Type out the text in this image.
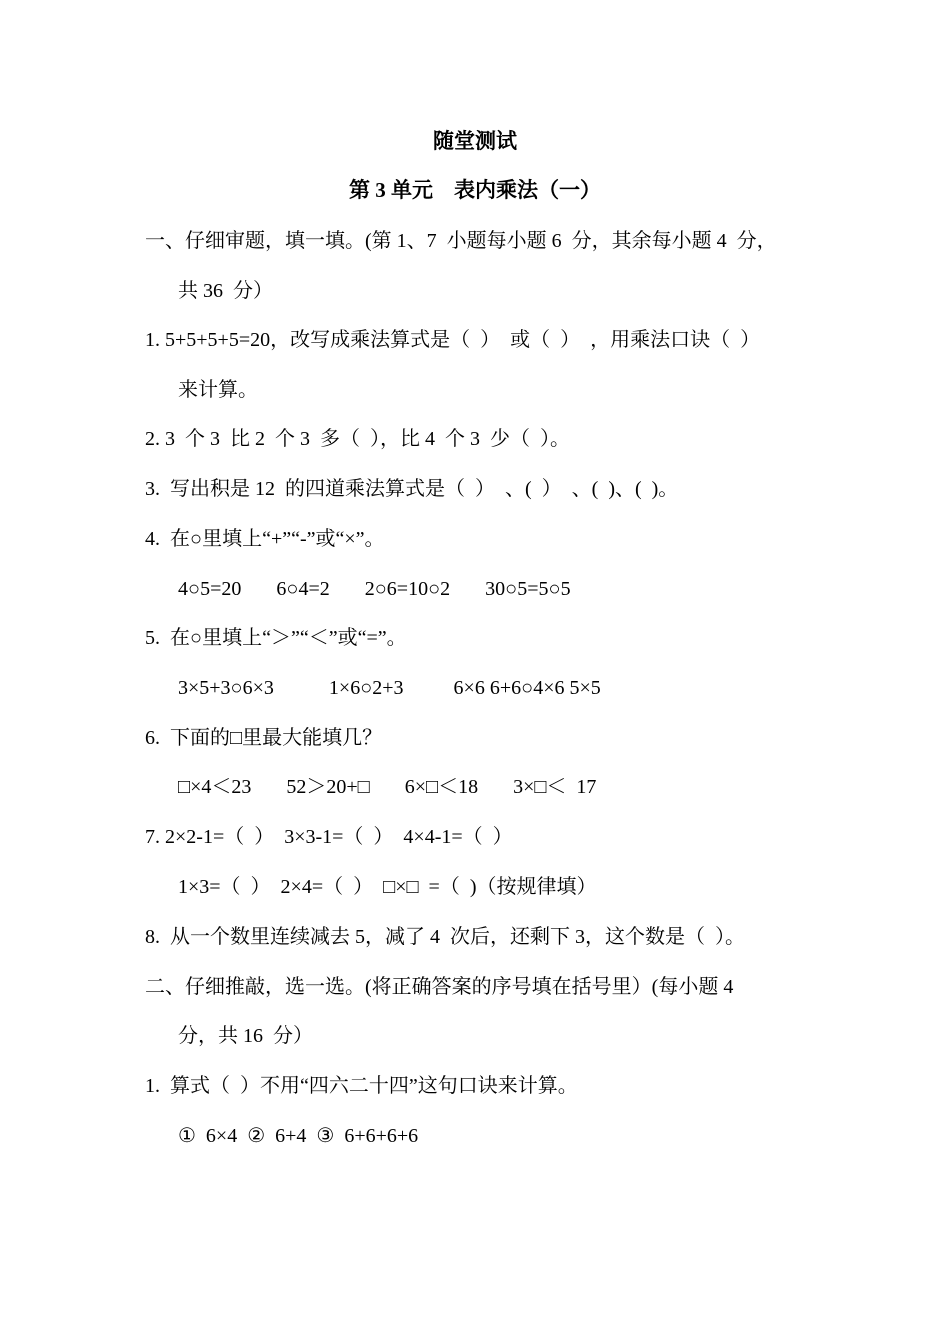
随堂测试
第 3 单元　表内乘法（一）
一、仔细审题，填一填。(第 1、7  小题每小题 6  分，其余每小题 4  分，
共 36  分）
1. 5+5+5+5=20，改写成乘法算式是（  ）  或（  ）  ，用乘法口诀（  ）
来计算。
2. 3  个 3  比 2  个 3  多（  ），比 4  个 3  少（  ）。
3.  写出积是 12  的四道乘法算式是（  ）  、(  ）  、(  )、(  )。
4.  在○里填上“+”“-”或“×”。
4○5=20       6○4=2       2○6=10○2       30○5=5○5
5.  在○里填上“＞”“＜”或“=”。
3×5+3○6×3           1×6○2+3          6×6 6+6○4×6 5×5
6.  下面的□里最大能填几？
□×4＜23       52＞20+□       6×□＜18       3×□＜  17
7. 2×2-1=（  ）  3×3-1=（  ）  4×4-1=（  ）
1×3=（  ）  2×4=（  ）  □×□  =（  )（按规律填）
8.  从一个数里连续减去 5，减了 4  次后，还剩下 3，这个数是（  ）。
二、仔细推敲，选一选。(将正确答案的序号填在括号里）(每小题 4
分，共 16  分）
1.  算式（  ）不用“四六二十四”这句口诀来计算。
①  6×4  ②  6+4  ③  6+6+6+6
